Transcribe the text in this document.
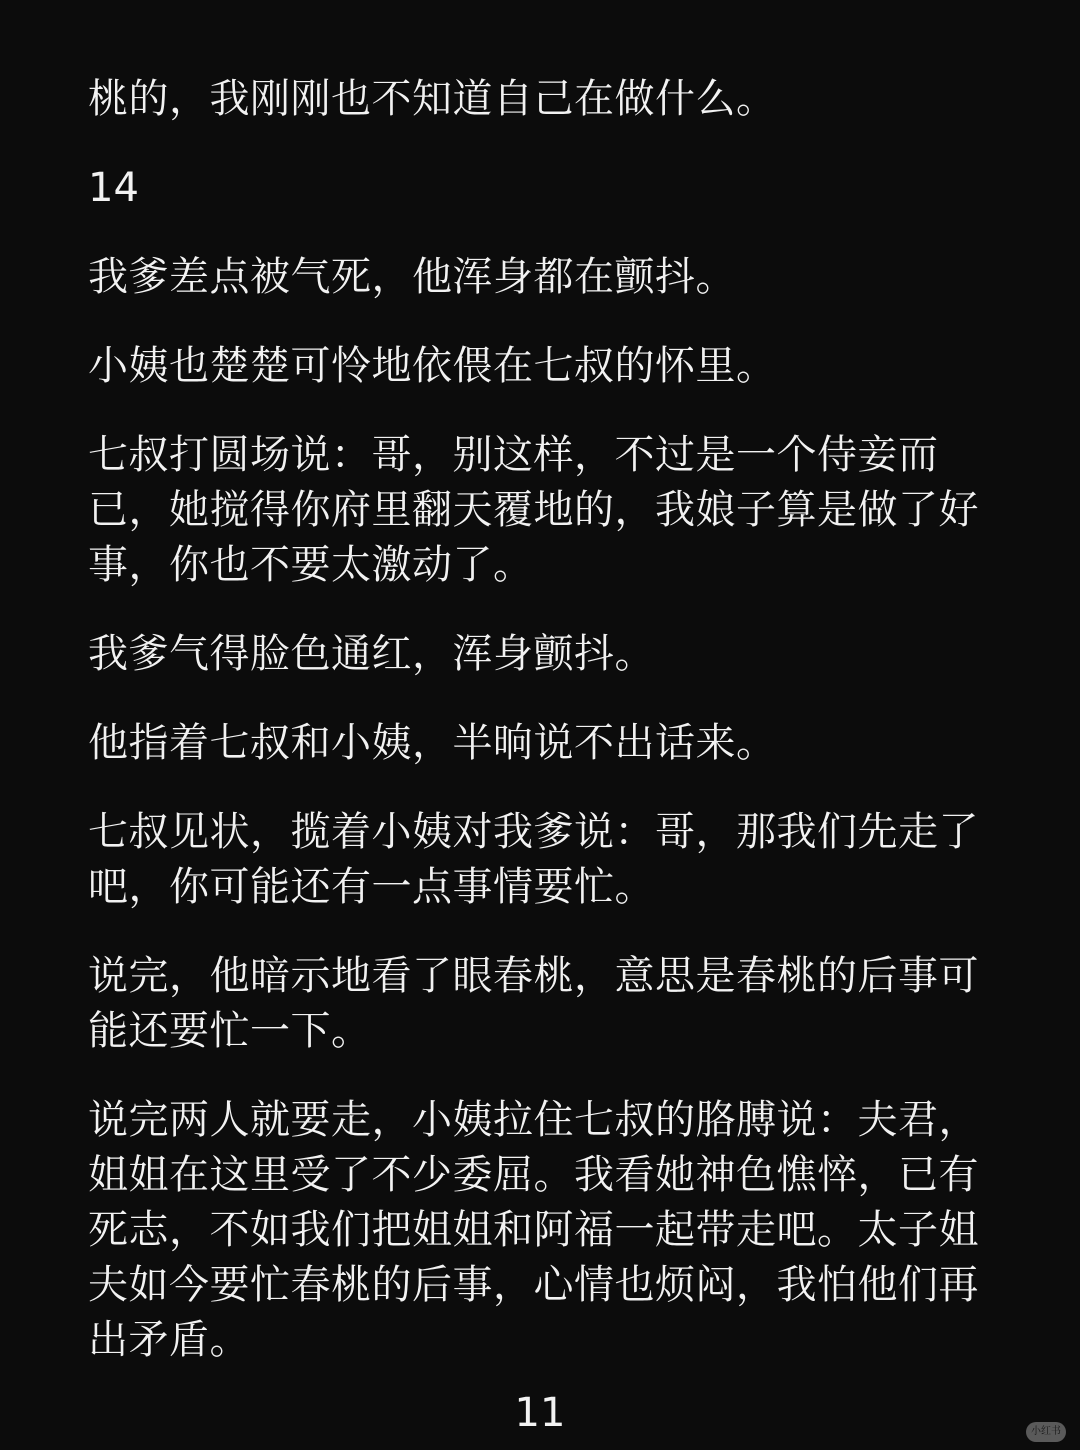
桃的，我刚刚也不知道自己在做什么。

14

我爹差点被气死，他浑身都在颤抖。

小姨也楚楚可怜地依偎在七叔的怀里。

七叔打圆场说：哥，别这样，不过是一个侍妾而已，她搅得你府里翻天覆地的，我娘子算是做了好事，你也不要太激动了。

我爹气得脸色通红，浑身颤抖。

他指着七叔和小姨，半晌说不出话来。

七叔见状，揽着小姨对我爹说：哥，那我们先走了吧，你可能还有一点事情要忙。

说完，他暗示地看了眼春桃，意思是春桃的后事可能还要忙一下。

说完两人就要走，小姨拉住七叔的胳膊说：夫君，姐姐在这里受了不少委屈。我看她神色憔悴，已有死志，不如我们把姐姐和阿福一起带走吧。太子姐夫如今要忙春桃的后事，心情也烦闷，我怕他们再出矛盾。

11	小红书
